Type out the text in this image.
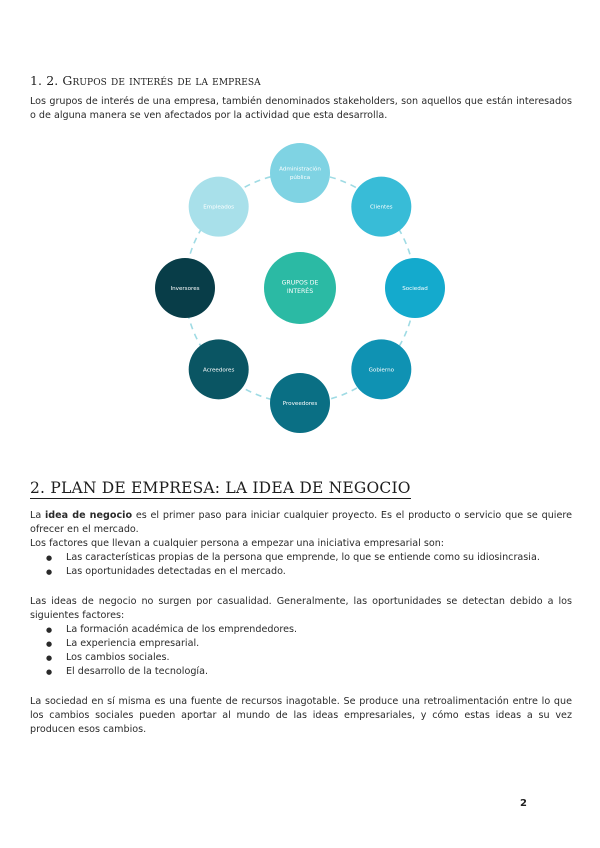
1. 2. Grupos de interés de la empresa

Los grupos de interés de una empresa, también denominados stakeholders, son aquellos que están interesados o de alguna manera se ven afectados por la actividad que esta desarrolla.

GRUPOS DE
INTERÉS
Administración
pública
Clientes
Sociedad
Gobierno
Proveedores
Acreedores
Inversores
Empleados
2. PLAN DE EMPRESA: LA IDEA DE NEGOCIO

La idea de negocio es el primer paso para iniciar cualquier proyecto. Es el producto o servicio que se quiere ofrecer en el mercado.

Los factores que llevan a cualquier persona a empezar una iniciativa empresarial son:

● Las características propias de la persona que emprende, lo que se entiende como su idiosincrasia.
● Las oportunidades detectadas en el mercado.

Las ideas de negocio no surgen por casualidad. Generalmente, las oportunidades se detectan debido a los siguientes factores:

● La formación académica de los emprendedores.
● La experiencia empresarial.
● Los cambios sociales.
● El desarrollo de la tecnología.

La sociedad en sí misma es una fuente de recursos inagotable. Se produce una retroalimentación entre lo que los cambios sociales pueden aportar al mundo de las ideas empresariales, y cómo estas ideas a su vez producen esos cambios.

2
